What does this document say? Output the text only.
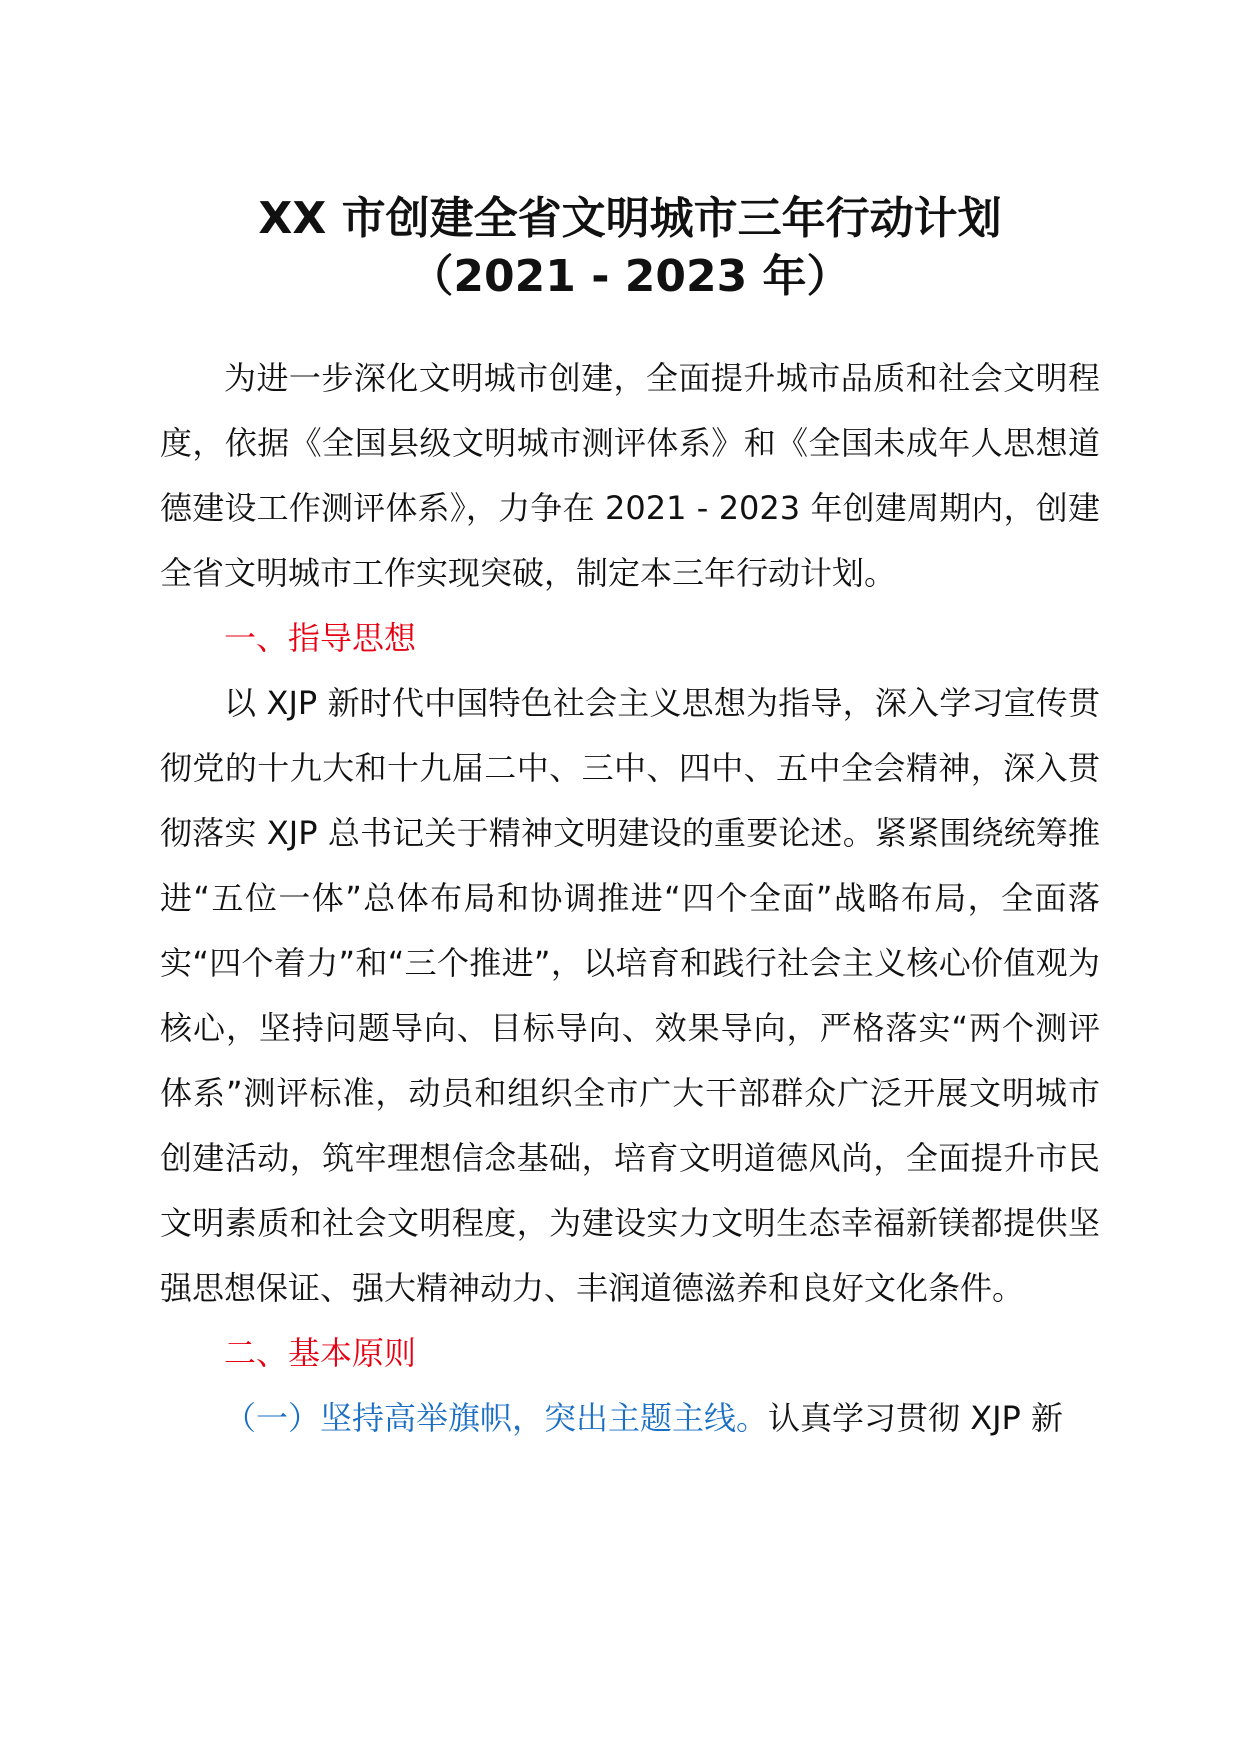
XX 市创建全省文明城市三年行动计划
（2021 - 2023 年）

为进一步深化文明城市创建，全面提升城市品质和社会文明程度，依据《全国县级文明城市测评体系》和《全国未成年人思想道德建设工作测评体系》，力争在 2021 - 2023 年创建周期内，创建全省文明城市工作实现突破，制定本三年行动计划。

一、指导思想

以 XJP 新时代中国特色社会主义思想为指导，深入学习宣传贯彻党的十九大和十九届二中、三中、四中、五中全会精神，深入贯彻落实 XJP 总书记关于精神文明建设的重要论述。紧紧围绕统筹推进“五位一体”总体布局和协调推进“四个全面”战略布局，全面落实“四个着力”和“三个推进”，以培育和践行社会主义核心价值观为核心，坚持问题导向、目标导向、效果导向，严格落实“两个测评体系”测评标准，动员和组织全市广大干部群众广泛开展文明城市创建活动，筑牢理想信念基础，培育文明道德风尚，全面提升市民文明素质和社会文明程度，为建设实力文明生态幸福新镁都提供坚强思想保证、强大精神动力、丰润道德滋养和良好文化条件。

二、基本原则

（一）坚持高举旗帜，突出主题主线。认真学习贯彻 XJP 新
